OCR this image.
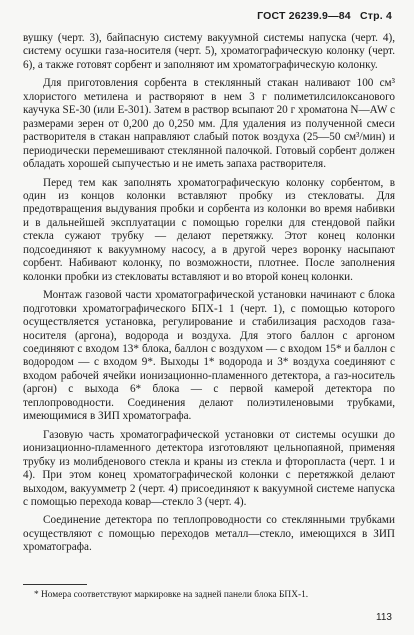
ГОСТ 26239.9—84 Стр. 4

вушку (черт. 3), байпасную систему вакуумной системы напуска (черт. 4), систему осушки газа-носителя (черт. 5), хроматографическую колонку (черт. 6), а также готовят сорбент и заполняют им хроматографическую колонку.

Для приготовления сорбента в стеклянный стакан наливают 100 см³ хлористого метилена и растворяют в нем 3 г полиметилсилоксанового каучука SE-30 (или Е-301). Затем в раствор всыпают 20 г хроматона N—AW с размерами зерен от 0,200 до 0,250 мм. Для удаления из полученной смеси растворителя в стакан направляют слабый поток воздуха (25—50 см³/мин) и периодически перемешивают стеклянной палочкой. Готовый сорбент должен обладать хорошей сыпучестью и не иметь запаха растворителя.

Перед тем как заполнять хроматографическую колонку сорбентом, в один из концов колонки вставляют пробку из стекловаты. Для предотвращения выдувания пробки и сорбента из колонки во время набивки и в дальнейшей эксплуатации с помощью горелки для стендовой пайки стекла сужают трубку — делают перетяжку. Этот конец колонки подсоединяют к вакуумному насосу, а в другой через воронку насыпают сорбент. Набивают колонку, по возможности, плотнее. После заполнения колонки пробки из стекловаты вставляют и во второй конец колонки.

Монтаж газовой части хроматографической установки начинают с блока подготовки хроматографического БПХ-1 1 (черт. 1), с помощью которого осуществляется установка, регулирование и стабилизация расходов газа-носителя (аргона), водорода и воздуха. Для этого баллон с аргоном соединяют с входом 13* блока, баллон с воздухом — с входом 15* и баллон с водородом — с входом 9*. Выходы 1* водорода и 3* воздуха соединяют с входом рабочей ячейки ионизационно-пламенного детектора, а газ-носитель (аргон) с выхода 6* блока — с первой камерой детектора по теплопроводности. Соединения делают полиэтиленовыми трубками, имеющимися в ЗИП хроматографа.

Газовую часть хроматографической установки от системы осушки до ионизационно-пламенного детектора изготовляют цельнопаяной, применяя трубку из молибденового стекла и краны из стекла и фторопласта (черт. 1 и 4). При этом конец хроматографической колонки с перетяжкой делают выходом, вакуумметр 2 (черт. 4) присоединяют к вакуумной системе напуска с помощью перехода ковар—стекло 3 (черт. 4).

Соединение детектора по теплопроводности со стеклянными трубками осуществляют с помощью переходов металл—стекло, имеющихся в ЗИП хроматографа.

* Номера соответствуют маркировке на задней панели блока БПХ-1.
113
